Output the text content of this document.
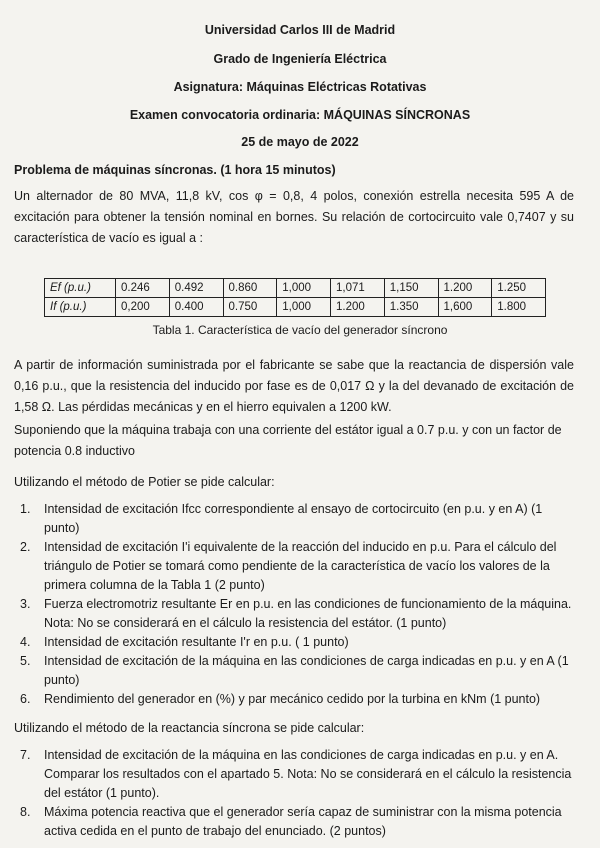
Universidad Carlos III de Madrid
Grado de Ingeniería Eléctrica
Asignatura: Máquinas Eléctricas Rotativas
Examen convocatoria ordinaria: MÁQUINAS SÍNCRONAS
25 de mayo de 2022
Problema de máquinas síncronas. (1 hora 15 minutos)
Un alternador de 80 MVA, 11,8 kV, cos φ = 0,8, 4 polos, conexión estrella necesita 595 A de excitación para obtener la tensión nominal en bornes. Su relación de cortocircuito vale 0,7407 y su característica de vacío es igual a :
Ef (p.u.)	0.246	0.492	0.860	1,000	1,071	1,150	1.200	1.250
If (p.u.)	0,200	0.400	0.750	1,000	1.200	1.350	1,600	1.800
Tabla 1. Característica de vacío del generador síncrono
A partir de información suministrada por el fabricante se sabe que la reactancia de dispersión vale 0,16 p.u., que la resistencia del inducido por fase es de 0,017 Ω y la del devanado de excitación de 1,58 Ω. Las pérdidas mecánicas y en el hierro equivalen a 1200 kW.
Suponiendo que la máquina trabaja con una corriente del estátor igual a 0.7 p.u. y con un factor de potencia 0.8 inductivo
Utilizando el método de Potier se pide calcular:
1. Intensidad de excitación Ifcc correspondiente al ensayo de cortocircuito (en p.u. y en A) (1 punto)
2. Intensidad de excitación I'i equivalente de la reacción del inducido en p.u. Para el cálculo del triángulo de Potier se tomará como pendiente de la característica de vacío los valores de la primera columna de la Tabla 1 (2 punto)
3. Fuerza electromotriz resultante Er en p.u. en las condiciones de funcionamiento de la máquina. Nota: No se considerará en el cálculo la resistencia del estátor. (1 punto)
4. Intensidad de excitación resultante I'r en p.u. ( 1 punto)
5. Intensidad de excitación de la máquina en las condiciones de carga indicadas en p.u. y en A (1 punto)
6. Rendimiento del generador en (%) y par mecánico cedido por la turbina en kNm (1 punto)
Utilizando el método de la reactancia síncrona se pide calcular:
7. Intensidad de excitación de la máquina en las condiciones de carga indicadas en p.u. y en A. Comparar los resultados con el apartado 5. Nota: No se considerará en el cálculo la resistencia del estátor (1 punto).
8. Máxima potencia reactiva que el generador sería capaz de suministrar con la misma potencia activa cedida en el punto de trabajo del enunciado. (2 puntos)
